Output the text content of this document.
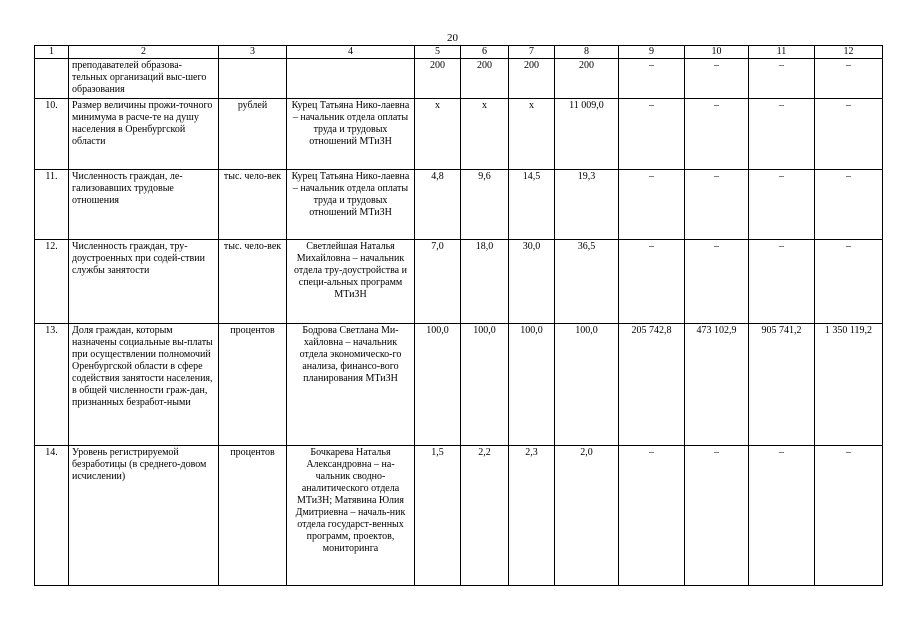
20
1	2	3	4	5	6	7	8	9	10	11	12
	преподавателей образова-тельных организаций выс-шего образования			200	200	200	200	–	–	–	–
10.	Размер величины прожи-точного минимума в расче-те на душу населения в Оренбургской области	рублей	Курец Татьяна Нико-лаевна – начальник отдела оплаты труда и трудовых отношений МТиЗН	х	х	х	11 009,0	–	–	–	–
11.	Численность граждан, ле-гализовавших трудовые отношения	тыс. чело-век	Курец Татьяна Нико-лаевна – начальник отдела оплаты труда и трудовых отношений МТиЗН	4,8	9,6	14,5	19,3	–	–	–	–
12.	Численность граждан, тру-доустроенных при содей-ствии службы занятости	тыс. чело-век	Светлейшая Наталья Михайловна – начальник отдела тру-доустройства и специ-альных программ МТиЗН	7,0	18,0	30,0	36,5	–	–	–	–
13.	Доля граждан, которым назначены социальные вы-платы при осуществлении полномочий Оренбургской области в сфере содействия занятости населения, в общей численности граж-дан, признанных безработ-ными	процентов	Бодрова Светлана Ми-хайловна – начальник отдела экономическо-го анализа, финансо-вого планирования МТиЗН	100,0	100,0	100,0	100,0	205 742,8	473 102,9	905 741,2	1 350 119,2
14.	Уровень регистрируемой безработицы (в среднего-довом исчислении)	процентов	Бочкарева Наталья Александровна – на-чальник сводно-аналитического отдела МТиЗН; Матявина Юлия Дмитриевна – началь-ник отдела государст-венных программ, проектов, мониторинга	1,5	2,2	2,3	2,0	–	–	–	–
